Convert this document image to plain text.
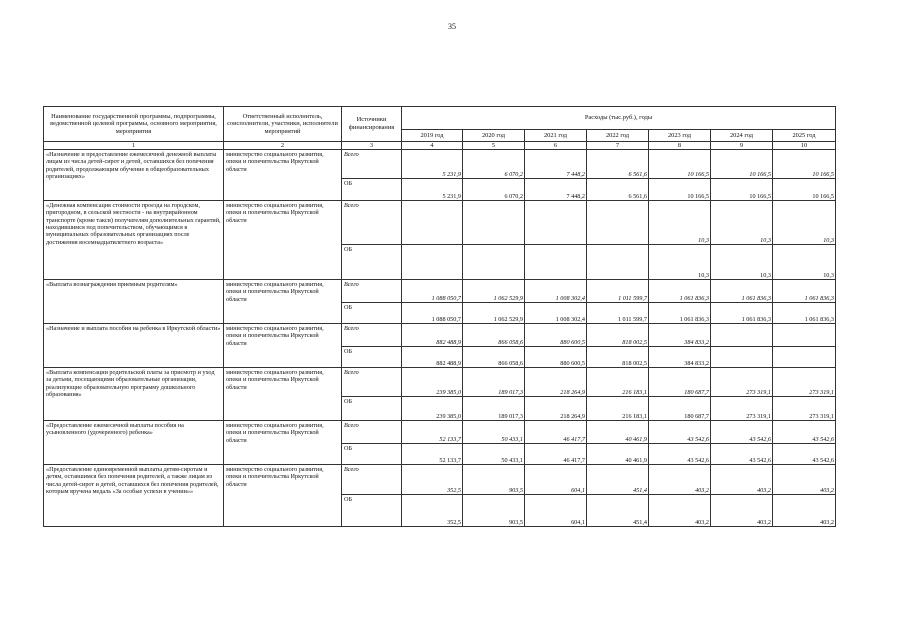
35
Наименование государственной программы, подпрограммы, ведомственной целевой программы, основного мероприятия, мероприятия	Ответственный исполнитель, соисполнители, участники, исполнители мероприятий	Источники финансирования	Расходы (тыс.руб.), годы						
			2019 год	2020 год	2021 год	2022 год	2023 год	2024 год	2025 год
1	2	3	4	5	6	7	8	9	10
«Назначение и предоставление ежемесячной денежной выплаты лицам из числа детей-сирот и детей, оставшихся без попечения родителей, продолжающим обучение в общеобразовательных организациях»	министерство социального развития, опеки и попечительства Иркутской области	Всего	5 231,9	6 070,2	7 448,2	6 561,6	10 166,5	10 166,5	10 166,5
		ОБ	5 231,9	6 070,2	7 448,2	6 561,6	10 166,5	10 166,5	10 166,5
«Денежная компенсация стоимости проезда на городском, пригородном, в сельской местности - на внутрирайонном транспорте (кроме такси) получателям дополнительных гарантий, находившимся под попечительством, обучающимся в муниципальных образовательных организациях после достижения восемнадцатилетнего возраста»	министерство социального развития, опеки и попечительства Иркутской области	Всего					10,3	10,3	10,3
		ОБ					10,3	10,3	10,3
«Выплата вознаграждения приемным родителям»	министерство социального развития, опеки и попечительства Иркутской области	Всего	1 088 050,7	1 062 529,9	1 008 302,4	1 011 599,7	1 061 836,3	1 061 836,3	1 061 836,3
		ОБ	1 088 050,7	1 062 529,9	1 008 302,4	1 011 599,7	1 061 836,3	1 061 836,3	1 061 836,3
«Назначение и выплата пособия на ребенка в Иркутской области»	министерство социального развития, опеки и попечительства Иркутской области	Всего	882 488,9	866 058,6	880 600,5	818 002,5	384 833,2		
		ОБ	882 488,9	866 058,6	880 600,5	818 002,5	384 833,2		
«Выплата компенсации родительской платы за присмотр и уход за детьми, посещающими образовательные организации, реализующие образовательную программу дошкольного образования»	министерство социального развития, опеки и попечительства Иркутской области	Всего	239 385,0	189 017,3	218 264,9	216 183,1	180 687,7	273 319,1	273 319,1
		ОБ	239 385,0	189 017,3	218 264,9	216 183,1	180 687,7	273 319,1	273 319,1
«Предоставление ежемесячной выплаты пособия на усыновленного (удочеренного) ребенка»	министерство социального развития, опеки и попечительства Иркутской области	Всего	52 133,7	50 433,1	46 417,7	40 461,9	43 542,6	43 542,6	43 542,6
		ОБ	52 133,7	50 433,1	46 417,7	40 461,9	43 542,6	43 542,6	43 542,6
«Предоставление единовременной выплаты детям-сиротам и детям, оставшимся без попечения родителей, а также лицам из числа детей-сирот и детей, оставшихся без попечения родителей, которым вручена медаль «За особые успехи в учении»»	министерство социального развития, опеки и попечительства Иркутской области	Всего	352,5	903,5	604,1	451,4	403,2	403,2	403,2
		ОБ	352,5	903,5	604,1	451,4	403,2	403,2	403,2
